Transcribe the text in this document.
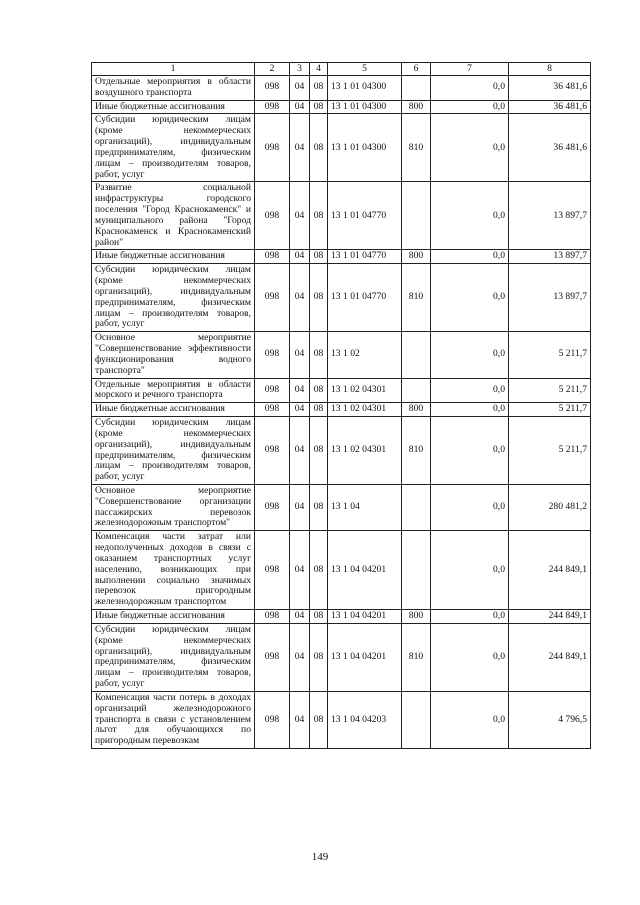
1	2	3	4	5	6	7	8
Отдельные мероприятия в области воздушного транспорта	098	04	08	13 1 01 04300		0,0	36 481,6
Иные бюджетные ассигнования	098	04	08	13 1 01 04300	800	0,0	36 481,6
Субсидии юридическим лицам (кроме некоммерческих организаций), индивидуальным предпринимателям, физическим лицам – производителям товаров, работ, услуг	098	04	08	13 1 01 04300	810	0,0	36 481,6
Развитие социальной инфраструктуры городского поселения "Город Краснокаменск" и муниципального района "Город Краснокаменск и Краснокаменский район"	098	04	08	13 1 01 04770		0,0	13 897,7
Иные бюджетные ассигнования	098	04	08	13 1 01 04770	800	0,0	13 897,7
Субсидии юридическим лицам (кроме некоммерческих организаций), индивидуальным предпринимателям, физическим лицам – производителям товаров, работ, услуг	098	04	08	13 1 01 04770	810	0,0	13 897,7
Основное мероприятие "Совершенствование эффективности функционирования водного транспорта"	098	04	08	13 1 02		0,0	5 211,7
Отдельные мероприятия в области морского и речного транспорта	098	04	08	13 1 02 04301		0,0	5 211,7
Иные бюджетные ассигнования	098	04	08	13 1 02 04301	800	0,0	5 211,7
Субсидии юридическим лицам (кроме некоммерческих организаций), индивидуальным предпринимателям, физическим лицам – производителям товаров, работ, услуг	098	04	08	13 1 02 04301	810	0,0	5 211,7
Основное мероприятие "Совершенствование организации пассажирских перевозок железнодорожным транспортом"	098	04	08	13 1 04		0,0	280 481,2
Компенсация части затрат или недополученных доходов в связи с оказанием транспортных услуг населению, возникающих при выполнении социально значимых перевозок пригородным железнодорожным транспортом	098	04	08	13 1 04 04201		0,0	244 849,1
Иные бюджетные ассигнования	098	04	08	13 1 04 04201	800	0,0	244 849,1
Субсидии юридическим лицам (кроме некоммерческих организаций), индивидуальным предпринимателям, физическим лицам – производителям товаров, работ, услуг	098	04	08	13 1 04 04201	810	0,0	244 849,1
Компенсация части потерь в доходах организаций железнодорожного транспорта в связи с установлением льгот для обучающихся по пригородным перевозкам	098	04	08	13 1 04 04203		0,0	4 796,5
149
